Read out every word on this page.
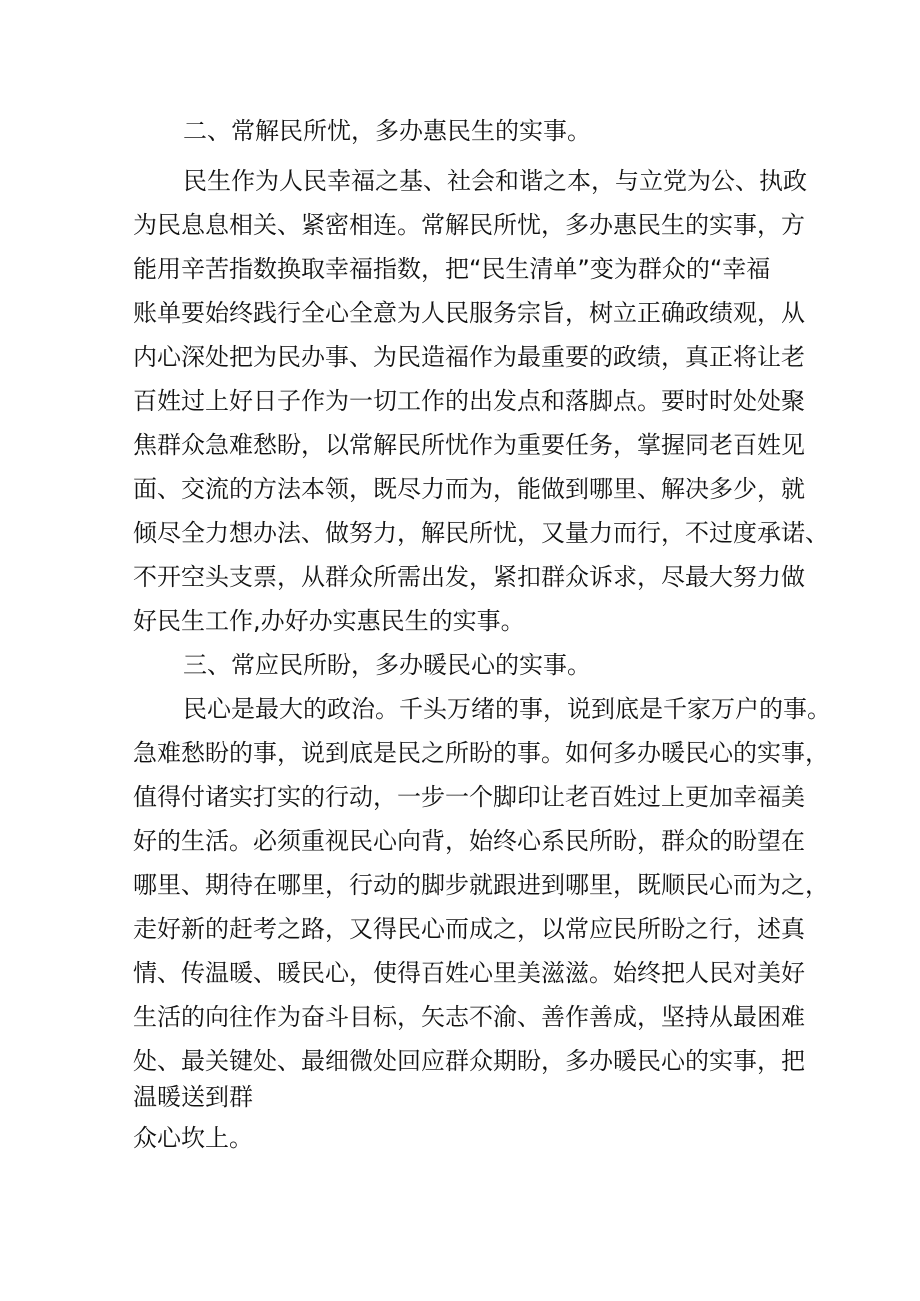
二、常解民所忧，多办惠民生的实事。
民生作为人民幸福之基、社会和谐之本，与立党为公、执政
为民息息相关、紧密相连。常解民所忧，多办惠民生的实事，方
能用辛苦指数换取幸福指数，把“民生清单”变为群众的“幸福
账单要始终践行全心全意为人民服务宗旨，树立正确政绩观，从
内心深处把为民办事、为民造福作为最重要的政绩，真正将让老
百姓过上好日子作为一切工作的出发点和落脚点。要时时处处聚
焦群众急难愁盼，以常解民所忧作为重要任务，掌握同老百姓见
面、交流的方法本领，既尽力而为，能做到哪里、解决多少，就
倾尽全力想办法、做努力，解民所忧，又量力而行，不过度承诺、
不开空头支票，从群众所需出发，紧扣群众诉求，尽最大努力做
好民生工作,办好办实惠民生的实事。
三、常应民所盼，多办暖民心的实事。
民心是最大的政治。千头万绪的事，说到底是千家万户的事。
急难愁盼的事，说到底是民之所盼的事。如何多办暖民心的实事，
值得付诸实打实的行动，一步一个脚印让老百姓过上更加幸福美
好的生活。必须重视民心向背，始终心系民所盼，群众的盼望在
哪里、期待在哪里，行动的脚步就跟进到哪里，既顺民心而为之，
走好新的赶考之路，又得民心而成之，以常应民所盼之行，述真
情、传温暖、暖民心，使得百姓心里美滋滋。始终把人民对美好
生活的向往作为奋斗目标，矢志不渝、善作善成，坚持从最困难
处、最关键处、最细微处回应群众期盼，多办暖民心的实事，把
温暖送到群
众心坎上。
